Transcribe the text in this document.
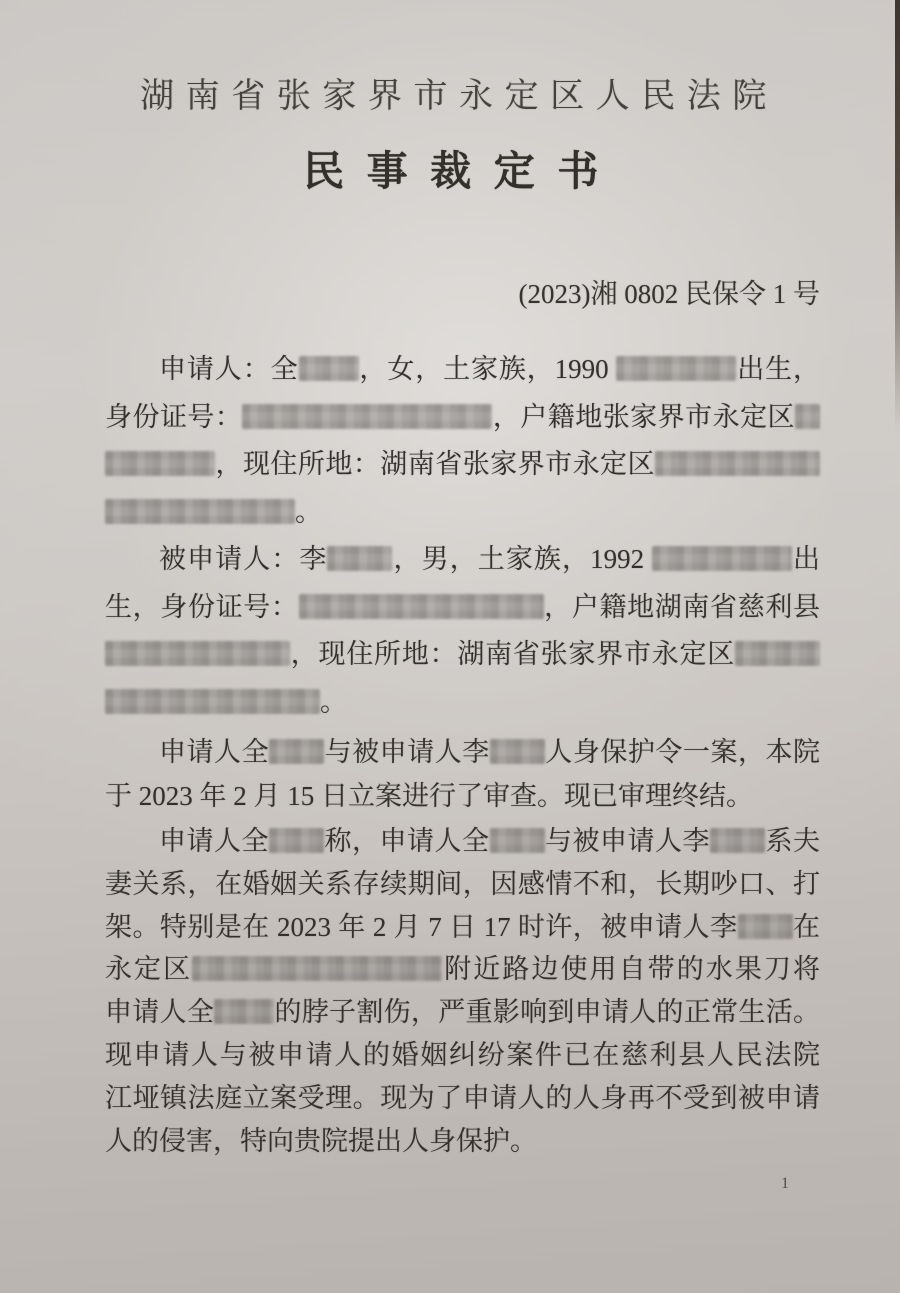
湖南省张家界市永定区人民法院
民事裁定书
(2023)湘 0802 民保令 1 号
申请人：全 ，女，土家族，1990	出生，
身份证号：	，户籍地张家界市永定区
，现住所地：湖南省张家界市永定区
。
被申请人：李 ，男，土家族，1992	出
生，身份证号：	，户籍地湖南省慈利县
，现住所地：湖南省张家界市永定区
。
申请人全 与被申请人李 人身保护令一案，本院
于 2023 年 2 月 15 日立案进行了审查。现已审理终结。
申请人全 称，申请人全 与被申请人李 系夫
妻关系，在婚姻关系存续期间，因感情不和，长期吵口、打
架。特别是在 2023 年 2 月 7 日 17 时许，被申请人李 在
永定区	附近路边使用自带的水果刀将
申请人全 的脖子割伤，严重影响到申请人的正常生活。
现申请人与被申请人的婚姻纠纷案件已在慈利县人民法院
江垭镇法庭立案受理。现为了申请人的人身再不受到被申请
人的侵害，特向贵院提出人身保护。
1
